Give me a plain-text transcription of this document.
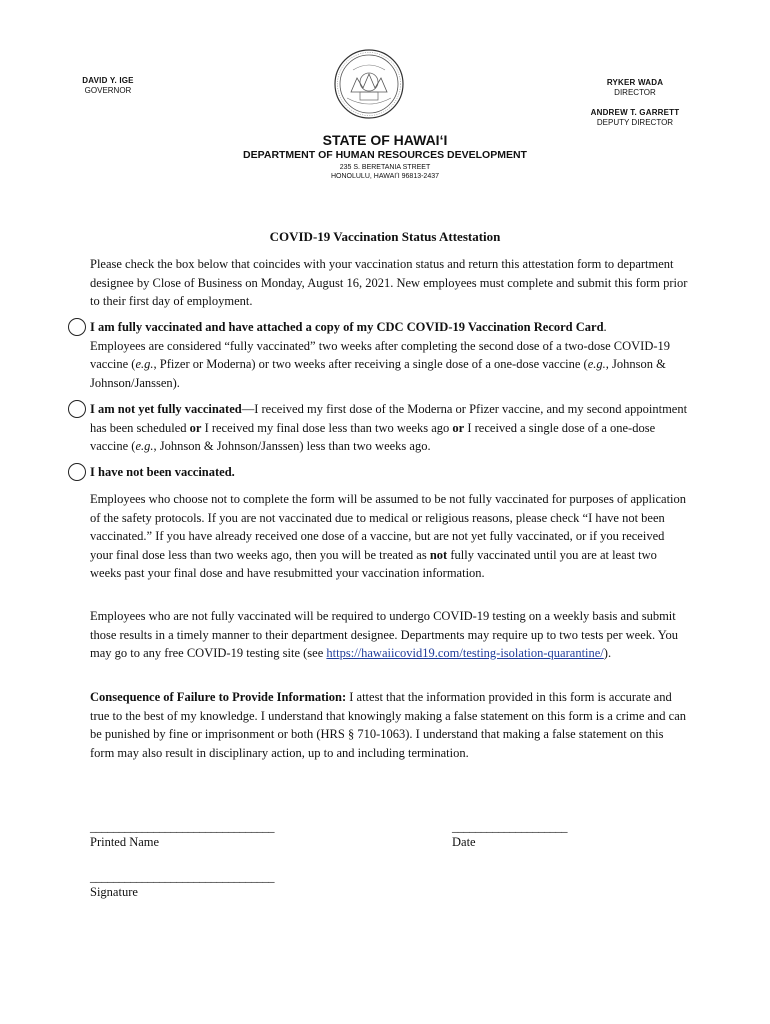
DAVID Y. IGE
GOVERNOR
RYKER WADA
DIRECTOR
ANDREW T. GARRETT
DEPUTY DIRECTOR
STATE OF HAWAIʻI
DEPARTMENT OF HUMAN RESOURCES DEVELOPMENT
235 S. BERETANIA STREET
HONOLULU, HAWAIʻI 96813-2437
COVID-19 Vaccination Status Attestation

Please check the box below that coincides with your vaccination status and return this attestation form to department designee by Close of Business on Monday, August 16, 2021. New employees must complete and submit this form prior to their first day of employment.

I am fully vaccinated and have attached a copy of my CDC COVID-19 Vaccination Record Card.
Employees are considered “fully vaccinated” two weeks after completing the second dose of a two-dose COVID-19 vaccine (e.g., Pfizer or Moderna) or two weeks after receiving a single dose of a one-dose vaccine (e.g., Johnson & Johnson/Janssen).
I am not yet fully vaccinated—I received my first dose of the Moderna or Pfizer vaccine, and my second appointment has been scheduled or I received my final dose less than two weeks ago or I received a single dose of a one-dose vaccine (e.g., Johnson & Johnson/Janssen) less than two weeks ago.
I have not been vaccinated.

Employees who choose not to complete the form will be assumed to be not fully vaccinated for purposes of application of the safety protocols. If you are not vaccinated due to medical or religious reasons, please check “I have not been vaccinated.” If you have already received one dose of a vaccine, but are not yet fully vaccinated, or if you received your final dose less than two weeks ago, then you will be treated as not fully vaccinated until you are at least two weeks past your final dose and have resubmitted your vaccination information.

Employees who are not fully vaccinated will be required to undergo COVID-19 testing on a weekly basis and submit those results in a timely manner to their department designee. Departments may require up to two tests per week. You may go to any free COVID-19 testing site (see https://hawaiicovid19.com/testing-isolation-quarantine/).

Consequence of Failure to Provide Information: I attest that the information provided in this form is accurate and true to the best of my knowledge. I understand that knowingly making a false statement on this form is a crime and can be punished by fine or imprisonment or both (HRS § 710-1063). I understand that making a false statement on this form may also result in disciplinary action, up to and including termination.

________________________________
Printed Name
____________________
Date
________________________________
Signature
